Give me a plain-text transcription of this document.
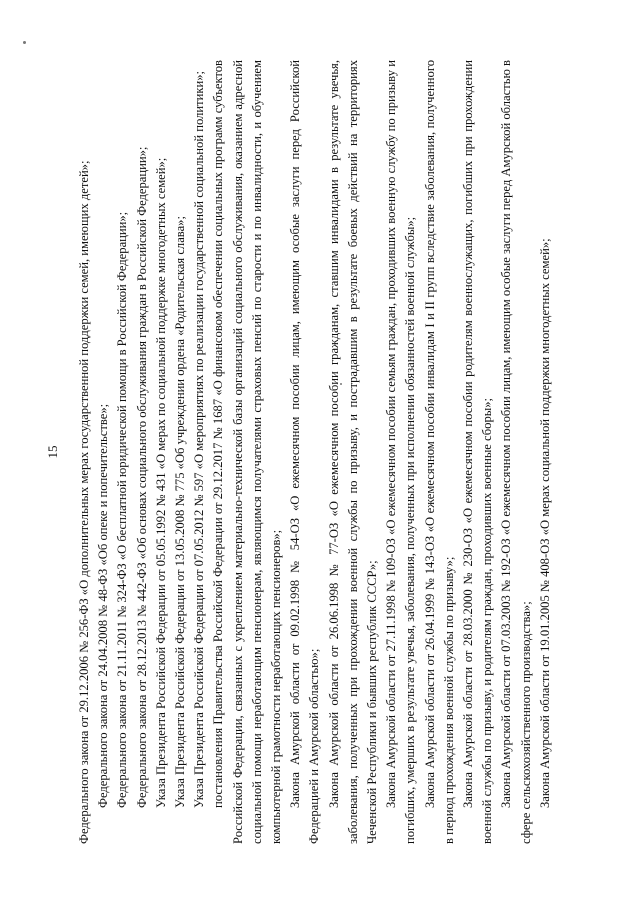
15 Федерального закона от 29.12.2006 № 256-ФЗ «О дополнительных мерах государственной поддержки семей, имеющих детей»; Федерального закона от 24.04.2008 № 48-ФЗ «Об опеке и попечительстве»; Федерального закона от 21.11.2011 № 324-ФЗ «О бесплатной юридической помощи в Российской Федерации»; Федерального закона от 28.12.2013 № 442-ФЗ «Об основах социального обслуживания граждан в Российской Федерации»; Указа Президента Российской Федерации от 05.05.1992 № 431 «О мерах по социальной поддержке многодетных семей»; Указа Президента Российской Федерации от 13.05.2008 № 775 «Об учреждении ордена «Родительская слава»; Указа Президента Российской Федерации от 07.05.2012 № 597 «О мероприятиях по реализации государственной социальной политики»; постановления Правительства Российской Федерации от 29.12.2017 № 1687 «О финансовом обеспечении социальных программ субъектов Российской Федерации, связанных с укреплением материально-технической базы организаций социального обслуживания, оказанием адресной социальной помощи неработающим пенсионерам, являющимся получателями страховых пенсий по старости и по инвалидности, и обучением компьютерной грамотности неработающих пенсионеров»; Закона Амурской области от 09.02.1998 № 54-ОЗ «О ежемесячном пособии лицам, имеющим особые заслуги перед Российской Федерацией и Амурской областью»; Закона Амурской области от 26.06.1998 № 77-ОЗ «О ежемесячном пособии гражданам, ставшим инвалидами в результате увечья, заболевания, полученных при прохождении военной службы по призыву, и пострадавшим в результате боевых действий на территориях Чеченской Республики и бывших республик СССР»; Закона Амурской области от 27.11.1998 № 109-ОЗ «О ежемесячном пособии семьям граждан, проходивших военную службу по призыву и погибших, умерших в результате увечья, заболевания, полученных при исполнении обязанностей военной службы»; Закона Амурской области от 26.04.1999 № 143-ОЗ «О ежемесячном пособии инвалидам I и II групп вследствие заболевания, полученного в период прохождения военной службы по призыву»; Закона Амурской области от 28.03.2000 № 230-ОЗ «О ежемесячном пособии родителям военнослужащих, погибших при прохождении военной службы по призыву, и родителям граждан, проходивших военные сборы»; Закона Амурской области от 07.03.2003 № 192-ОЗ «О ежемесячном пособии лицам, имеющим особые заслуги перед Амурской областью в сфере сельскохозяйственного производства»; Закона Амурской области от 19.01.2005 № 408-ОЗ «О мерах социальной поддержки многодетных семей»;
